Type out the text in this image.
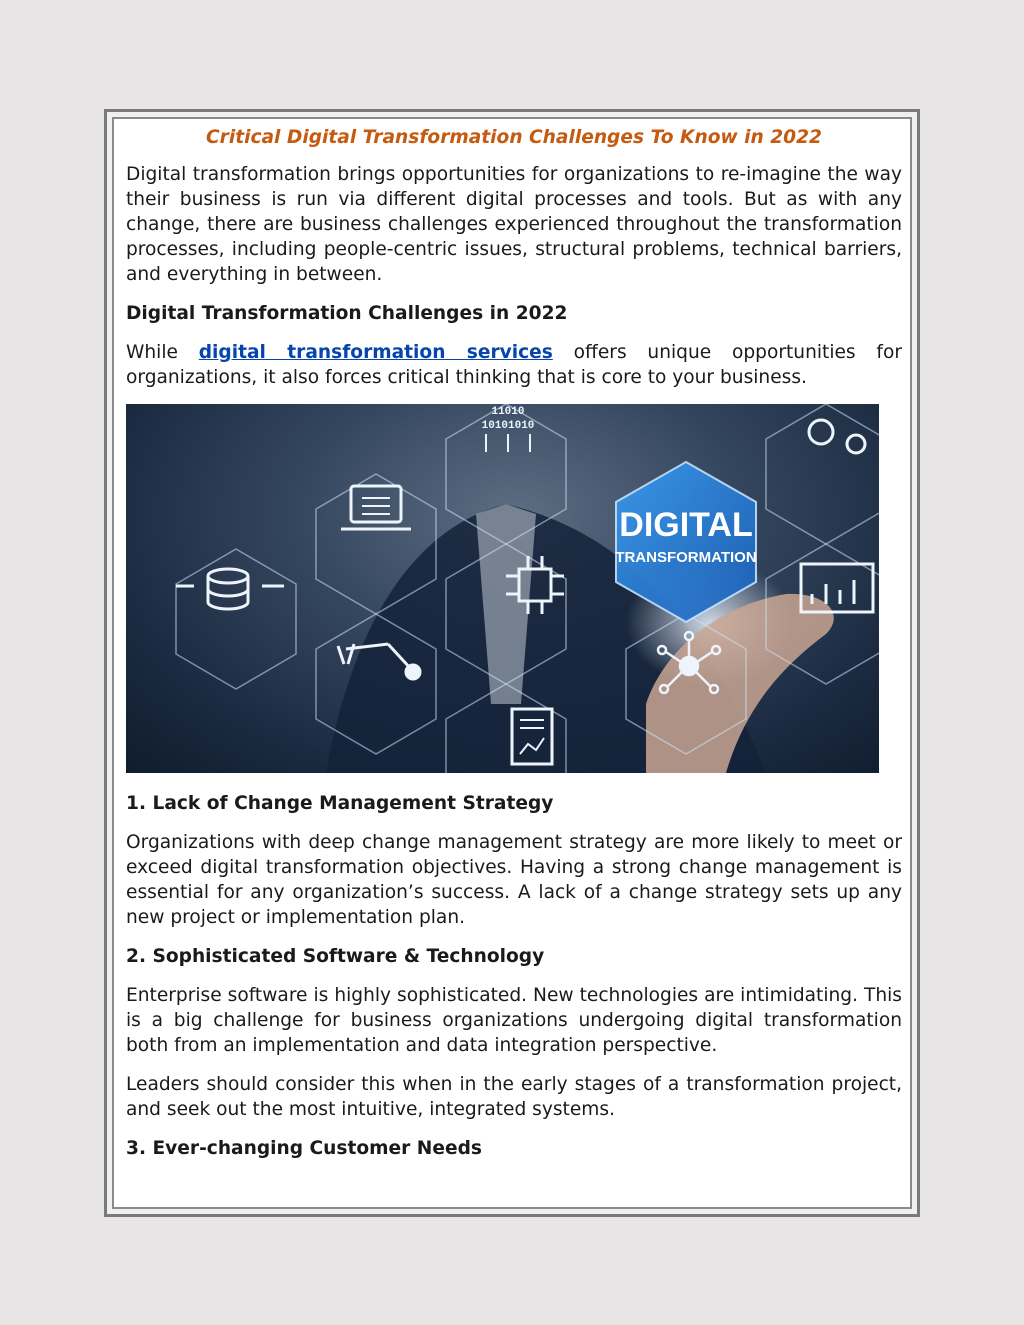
Critical Digital Transformation Challenges To Know in 2022

Digital transformation brings opportunities for organizations to re-imagine the way their business is run via different digital processes and tools. But as with any change, there are business challenges experienced throughout the transformation processes, including people-centric issues, structural problems, technical barriers, and everything in between.

Digital Transformation Challenges in 2022

While digital transformation services offers unique opportunities for organizations, it also forces critical thinking that is core to your business.

DIGITAL
TRANSFORMATION
11010
10101010
1. Lack of Change Management Strategy

Organizations with deep change management strategy are more likely to meet or exceed digital transformation objectives. Having a strong change management is essential for any organization’s success. A lack of a change strategy sets up any new project or implementation plan.

2. Sophisticated Software & Technology

Enterprise software is highly sophisticated. New technologies are intimidating. This is a big challenge for business organizations undergoing digital transformation both from an implementation and data integration perspective.

Leaders should consider this when in the early stages of a transformation project, and seek out the most intuitive, integrated systems.

3. Ever-changing Customer Needs
